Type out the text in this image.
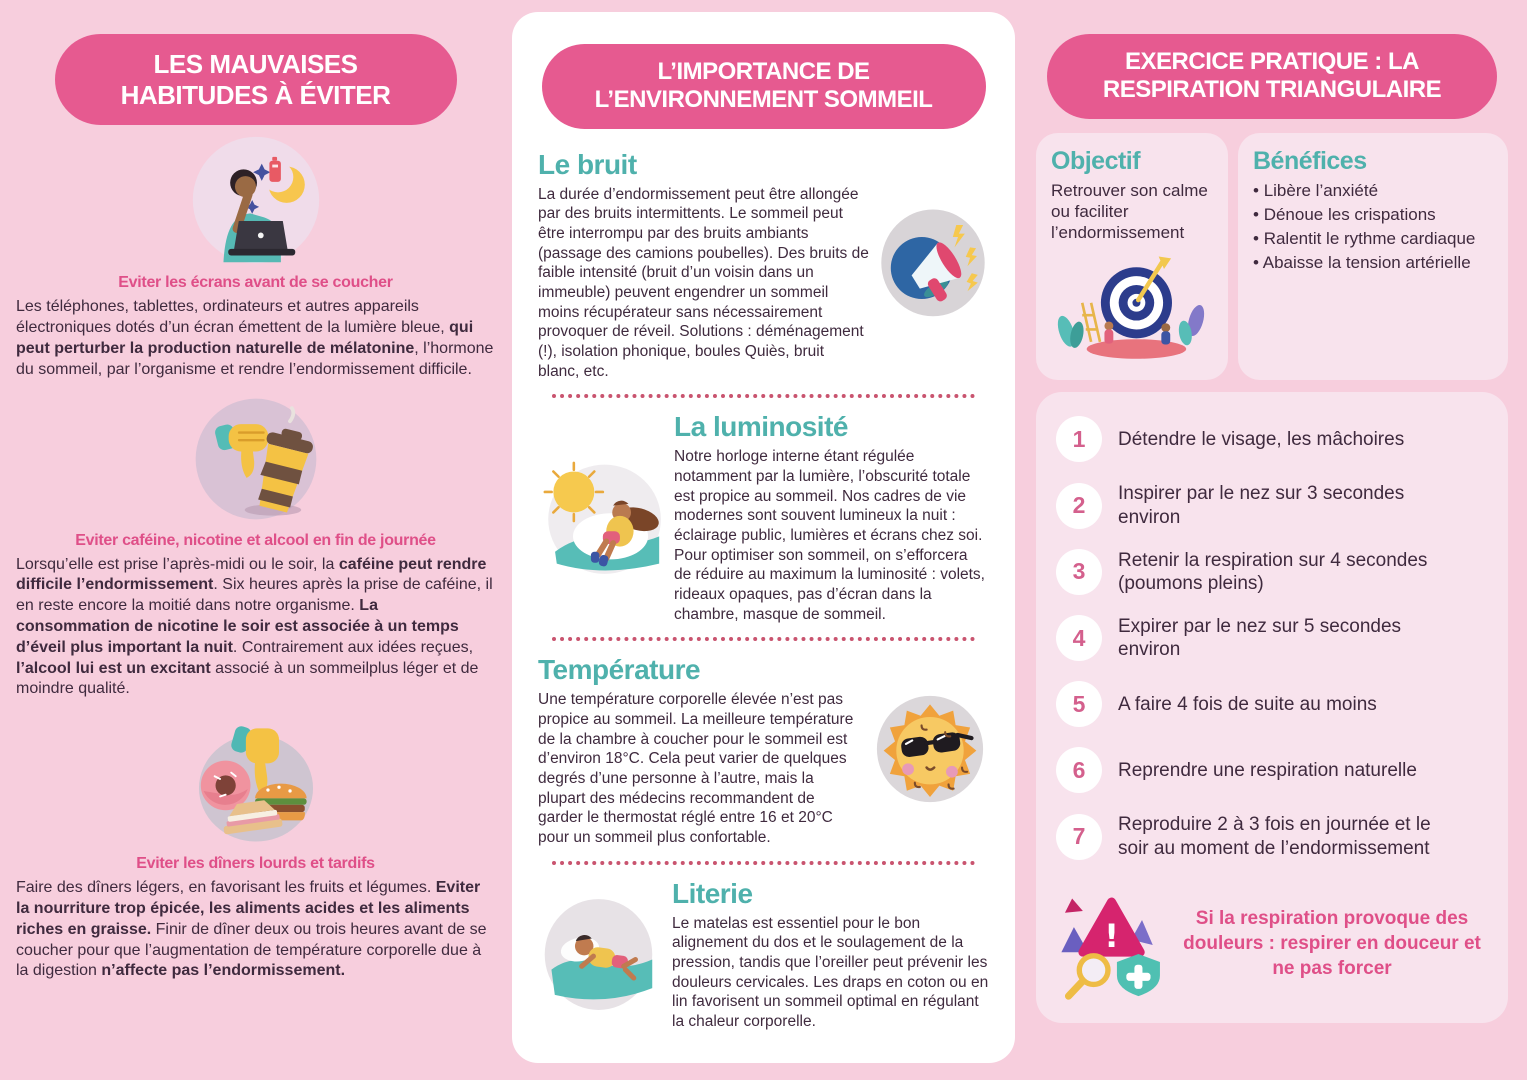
LES MAUVAISES HABITUDES À ÉVITER
Eviter les écrans avant de se coucher

Les téléphones, tablettes, ordinateurs et autres appareils électroniques dotés d’un écran émettent de la lumière bleue, qui peut perturber la production naturelle de mélatonine, l’hormone du sommeil, par l’organisme et rendre l’endormissement difficile.

Eviter caféine, nicotine et alcool en fin de journée

Lorsqu’elle est prise l’après-midi ou le soir, la caféine peut rendre difficile l’endormissement. Six heures après la prise de caféine, il en reste encore la moitié dans notre organisme. La consommation de nicotine le soir est associée à un temps d’éveil plus important la nuit. Contrairement aux idées reçues, l’alcool lui est un excitant associé à un sommeilplus léger et de moindre qualité.

Eviter les dîners lourds et tardifs

Faire des dîners légers, en favorisant les fruits et légumes. Eviter la nourriture trop épicée, les aliments acides et les aliments riches en graisse. Finir de dîner deux ou trois heures avant de se coucher pour que l’augmentation de température corporelle due à la digestion n’affecte pas l’endormissement.

L’IMPORTANCE DE L’ENVIRONNEMENT SOMMEIL
Le bruit

La durée d’endormissement peut être allongée par des bruits intermittents. Le sommeil peut être interrompu par des bruits ambiants (passage des camions poubelles). Des bruits de faible intensité (bruit d’un voisin dans un immeuble) peuvent engendrer un sommeil moins récupérateur sans nécessairement provoquer de réveil. Solutions : déménagement (!), isolation phonique, boules Quiès, bruit blanc, etc.

La luminosité

Notre horloge interne étant régulée notamment par la lumière, l’obscurité totale est propice au sommeil. Nos cadres de vie modernes sont souvent lumineux la nuit : éclairage public, lumières et écrans chez soi. Pour optimiser son sommeil, on s’efforcera de réduire au maximum la luminosité : volets, rideaux opaques, pas d’écran dans la chambre, masque de sommeil.

Température

Une température corporelle élevée n’est pas propice au sommeil. La meilleure température de la chambre à coucher pour le sommeil est d’environ 18°C. Cela peut varier de quelques degrés d’une personne à l’autre, mais la plupart des médecins recommandent de garder le thermostat réglé entre 16 et 20°C pour un sommeil plus confortable.

Literie

Le matelas est essentiel pour le bon alignement du dos et le soulagement de la pression, tandis que l’oreiller peut prévenir les douleurs cervicales. Les draps en coton ou en lin favorisent un sommeil optimal en régulant la chaleur corporelle.

EXERCICE PRATIQUE : LA RESPIRATION TRIANGULAIRE
Objectif

Retrouver son calme ou faciliter l’endormissement

Bénéfices
• Libère l’anxiété
• Dénoue les crispations
• Ralentit le rythme cardiaque
• Abaisse la tension artérielle
1	Détendre le visage, les mâchoires
2	Inspirer par le nez sur 3 secondes environ
3	Retenir la respiration sur 4 secondes (poumons pleins)
4	Expirer par le nez sur 5 secondes environ
5	A faire 4 fois de suite au moins
6	Reprendre une respiration naturelle
7	Reproduire 2 à 3 fois en journée et le soir au moment de l’endormissement
!	Si la respiration provoque des douleurs : respirer en douceur et ne pas forcer
